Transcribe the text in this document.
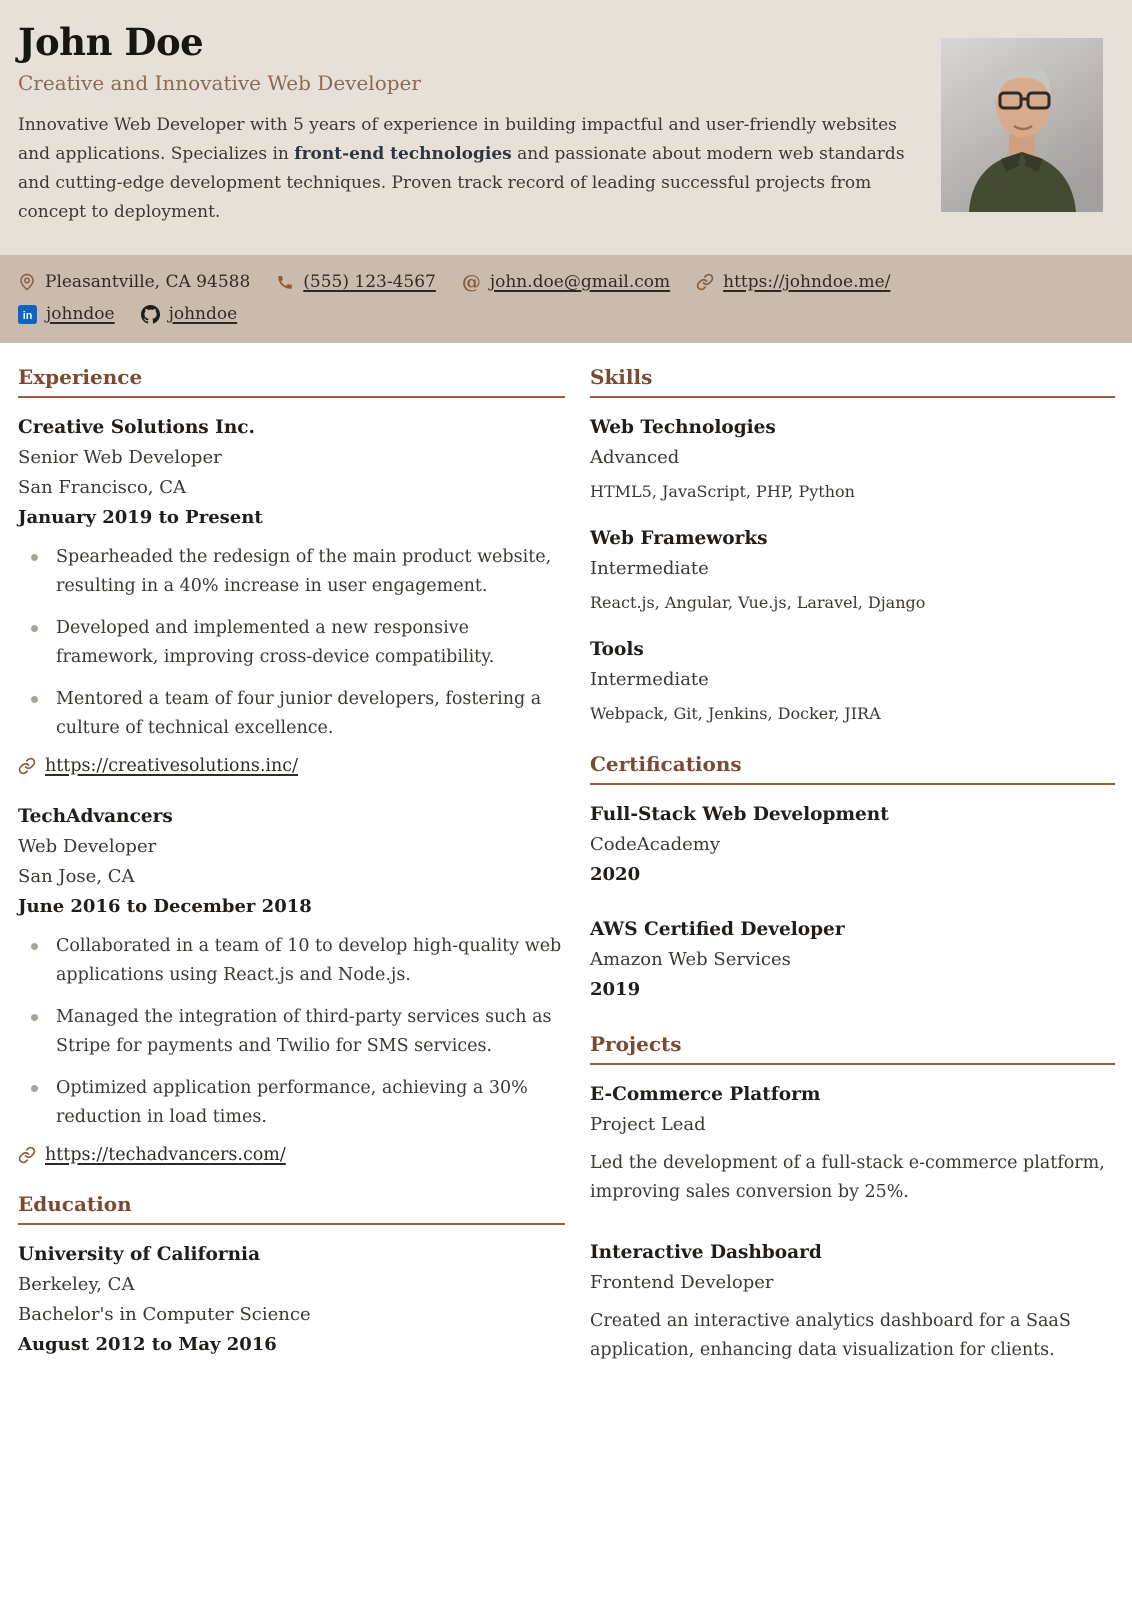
John Doe
Creative and Innovative Web Developer

Innovative Web Developer with 5 years of experience in building impactful and user-friendly websites and applications. Specializes in front-end technologies and passionate about modern web standards and cutting-edge development techniques. Proven track record of leading successful projects from concept to deployment.

Pleasantville, CA 94588	(555) 123-4567 @ john.doe@gmail.com	https://johndoe.me/
in johndoe	johndoe
Experience
Creative Solutions Inc.
Senior Web Developer
San Francisco, CA
January 2019 to Present
Spearheaded the redesign of the main product website, resulting in a 40% increase in user engagement.
Developed and implemented a new responsive framework, improving cross-device compatibility.
Mentored a team of four junior developers, fostering a culture of technical excellence.
https://creativesolutions.inc/
TechAdvancers
Web Developer
San Jose, CA
June 2016 to December 2018
Collaborated in a team of 10 to develop high-quality web applications using React.js and Node.js.
Managed the integration of third-party services such as Stripe for payments and Twilio for SMS services.
Optimized application performance, achieving a 30% reduction in load times.
https://techadvancers.com/
Education
University of California
Berkeley, CA
Bachelor's in Computer Science
August 2012 to May 2016
Skills
Web Technologies
Advanced
HTML5, JavaScript, PHP, Python
Web Frameworks
Intermediate
React.js, Angular, Vue.js, Laravel, Django
Tools
Intermediate
Webpack, Git, Jenkins, Docker, JIRA
Certifications
Full-Stack Web Development
CodeAcademy
2020
AWS Certified Developer
Amazon Web Services
2019
Projects
E-Commerce Platform
Project Lead

Led the development of a full-stack e-commerce platform, improving sales conversion by 25%.

Interactive Dashboard
Frontend Developer

Created an interactive analytics dashboard for a SaaS application, enhancing data visualization for clients.
